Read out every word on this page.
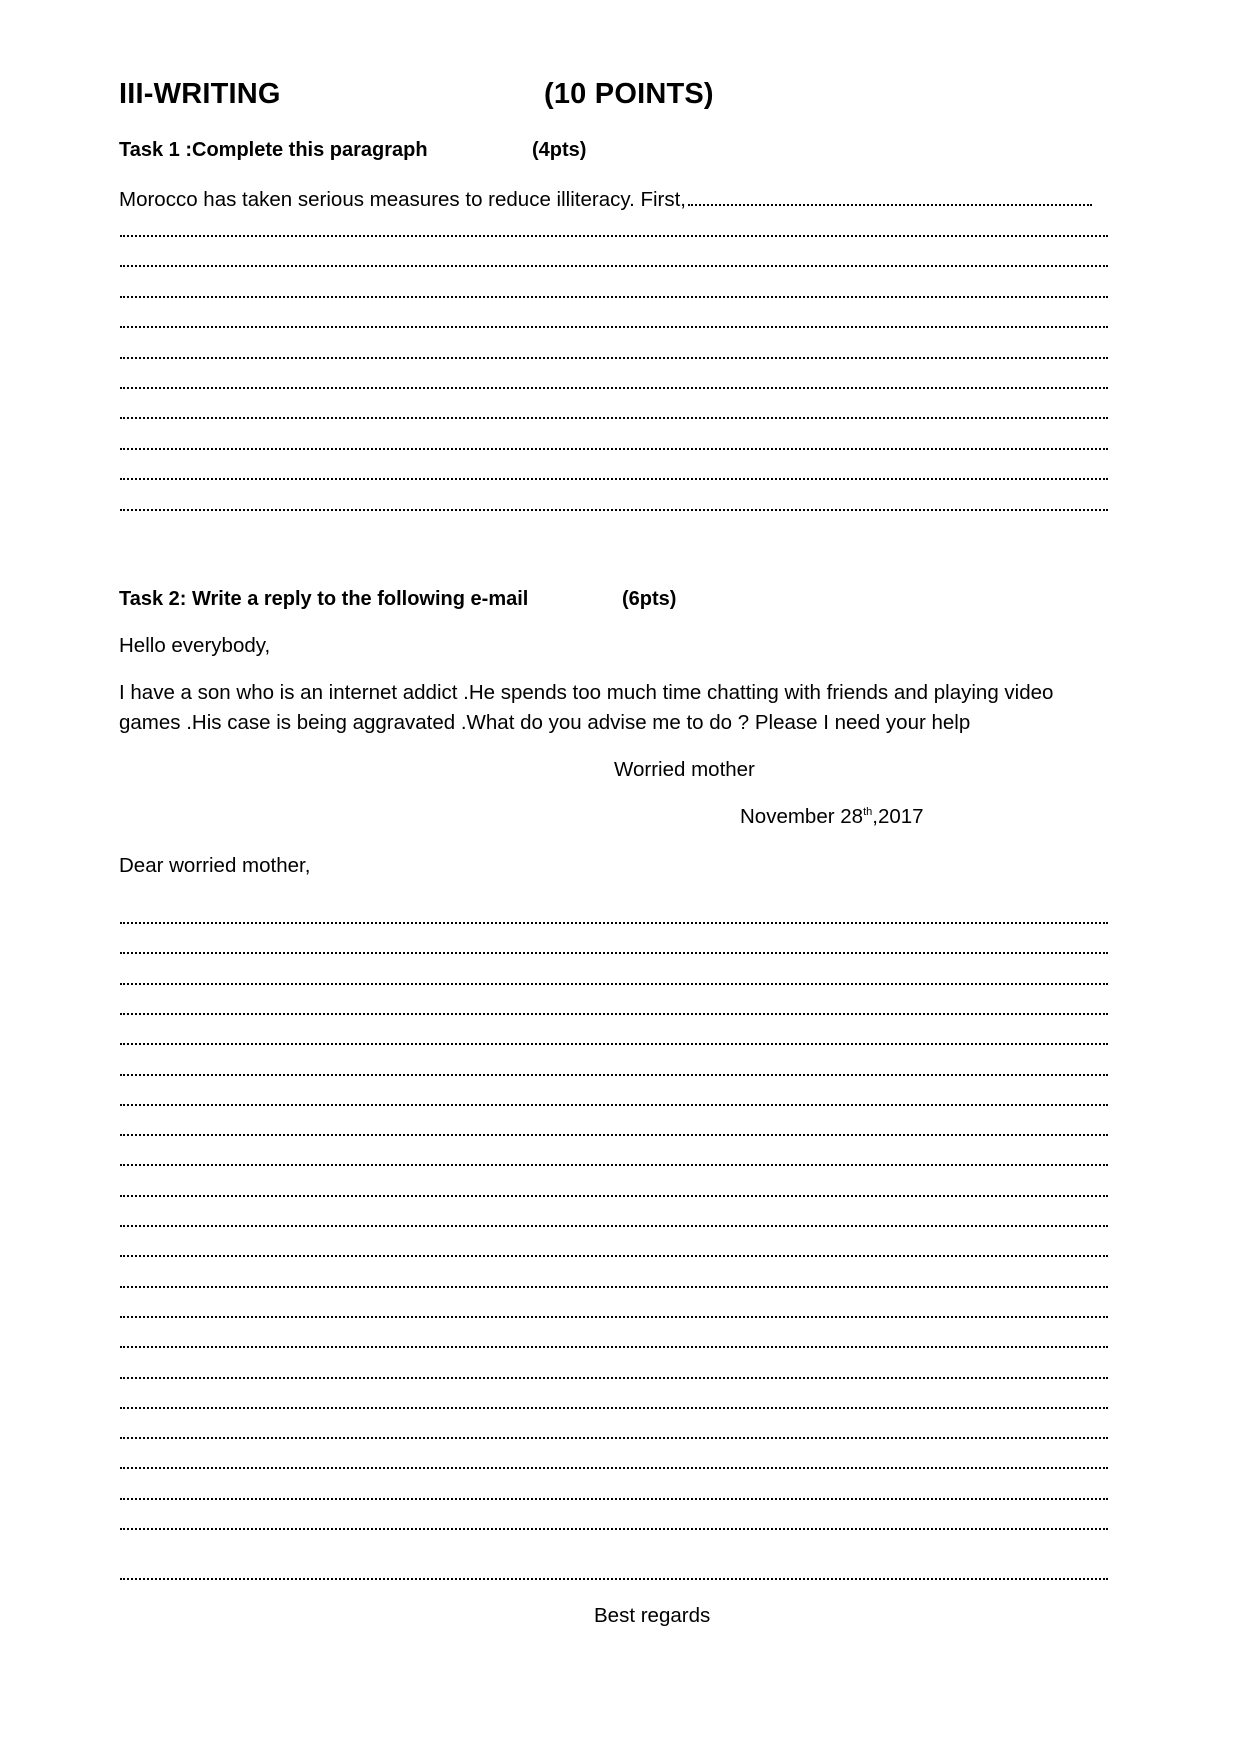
III-WRITING	(10 POINTS)
Task 1 :Complete this paragraph	(4pts)
Morocco has taken serious measures to reduce illiteracy. First,
Task 2: Write a reply to the following e-mail	(6pts)
Hello everybody,
I have a son who is an internet addict .He spends too much time chatting with friends and playing video
games .His case is being aggravated .What do you advise me to do ? Please I need your help
Worried mother
November 28th,2017
Dear worried mother,
Best regards
